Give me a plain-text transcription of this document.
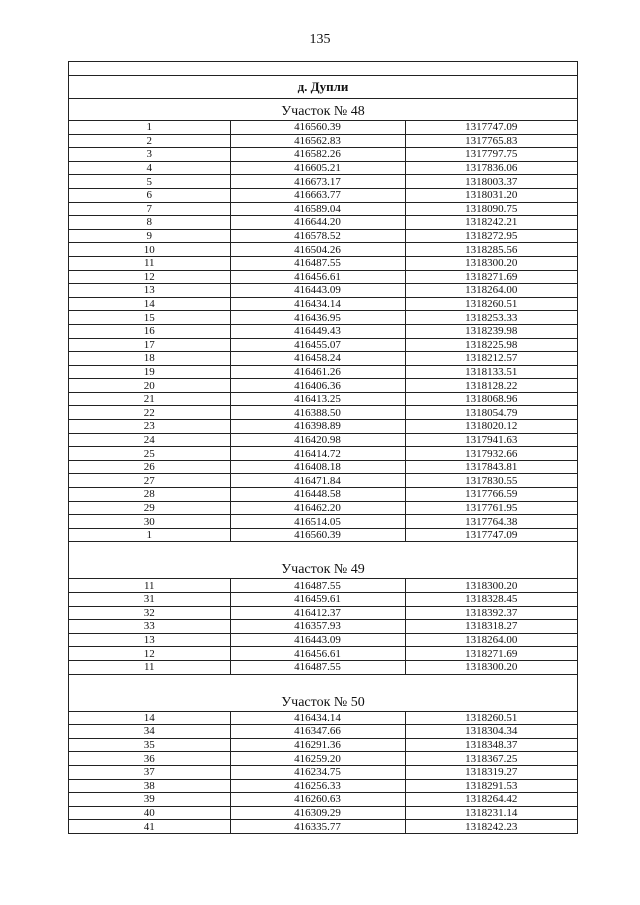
135
д. Дупли
Участок № 48
1	416560.39	1317747.09
2	416562.83	1317765.83
3	416582.26	1317797.75
4	416605.21	1317836.06
5	416673.17	1318003.37
6	416663.77	1318031.20
7	416589.04	1318090.75
8	416644.20	1318242.21
9	416578.52	1318272.95
10	416504.26	1318285.56
11	416487.55	1318300.20
12	416456.61	1318271.69
13	416443.09	1318264.00
14	416434.14	1318260.51
15	416436.95	1318253.33
16	416449.43	1318239.98
17	416455.07	1318225.98
18	416458.24	1318212.57
19	416461.26	1318133.51
20	416406.36	1318128.22
21	416413.25	1318068.96
22	416388.50	1318054.79
23	416398.89	1318020.12
24	416420.98	1317941.63
25	416414.72	1317932.66
26	416408.18	1317843.81
27	416471.84	1317830.55
28	416448.58	1317766.59
29	416462.20	1317761.95
30	416514.05	1317764.38
1	416560.39	1317747.09
Участок № 49
11	416487.55	1318300.20
31	416459.61	1318328.45
32	416412.37	1318392.37
33	416357.93	1318318.27
13	416443.09	1318264.00
12	416456.61	1318271.69
11	416487.55	1318300.20
Участок № 50
14	416434.14	1318260.51
34	416347.66	1318304.34
35	416291.36	1318348.37
36	416259.20	1318367.25
37	416234.75	1318319.27
38	416256.33	1318291.53
39	416260.63	1318264.42
40	416309.29	1318231.14
41	416335.77	1318242.23
